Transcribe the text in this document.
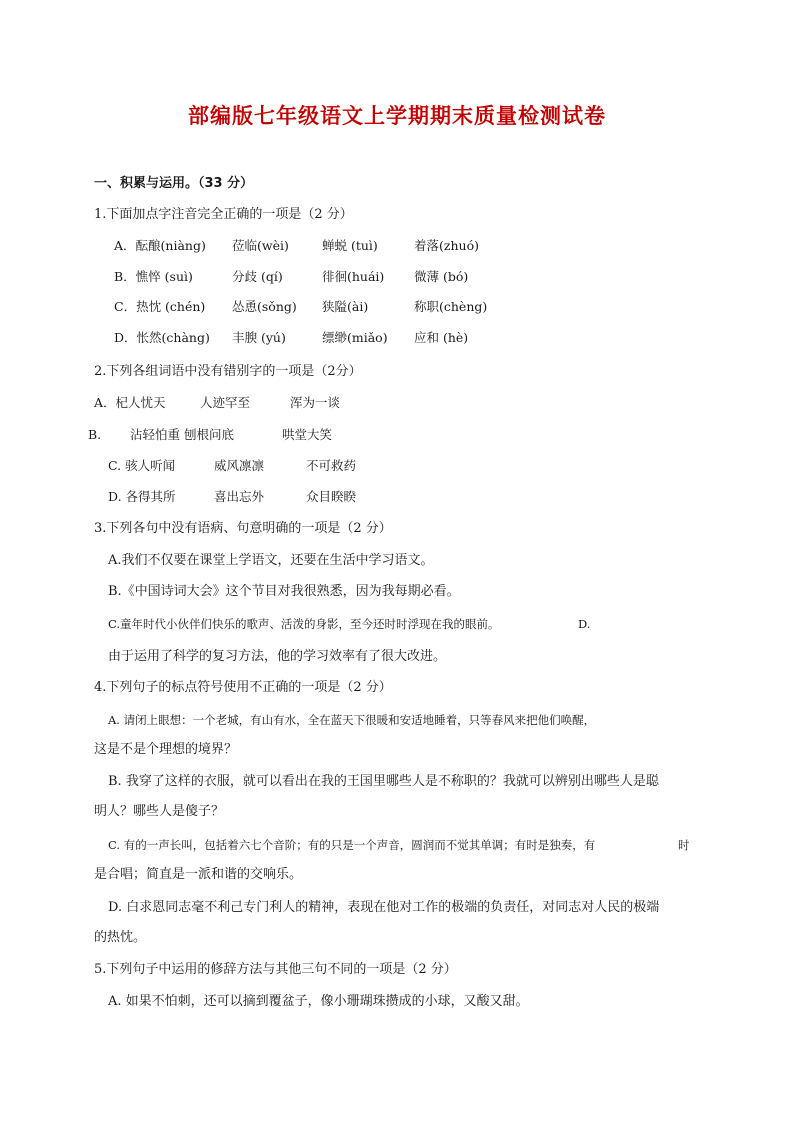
部编版七年级语文上学期期末质量检测试卷
一、积累与运用。（33 分）
1.下面加点字注音完全正确的一项是（2 分）
A．酝酿(niàng) 莅临(wèi)	蝉蜕 (tuì)	着落(zhuó)
B．憔悴 (suì)	分歧 (qí)	徘徊(huái) 微薄 (bó)
C．热忱 (chén) 怂恿(sǒng) 狭隘(ài)	称职(chèng)
D．怅然(chàng) 丰腴 (yú)	缥缈(miǎo) 应和 (hè)
2.下列各组词语中没有错别字的一项是（2分）
A．杞人忧天	人迹罕至	浑为一谈
B. 沾轻怕重 刨根问底	哄堂大笑
C. 骇人听闻	威风凛凛	不可救药
D. 各得其所	喜出忘外	众目睽睽
3.下列各句中没有语病、句意明确的一项是（2 分）
A.我们不仅要在课堂上学语文，还要在生活中学习语文。
B.《中国诗词大会》这个节目对我很熟悉，因为我每期必看。
C.童年时代小伙伴们快乐的歌声、活泼的身影，至今还时时浮现在我的眼前。	D.
由于运用了科学的复习方法，他的学习效率有了很大改进。
4.下列句子的标点符号使用不正确的一项是（2 分）
A. 请闭上眼想：一个老城，有山有水，全在蓝天下很暖和安适地睡着，只等春风来把他们唤醒，
这是不是个理想的境界？
B. 我穿了这样的衣服，就可以看出在我的王国里哪些人是不称职的？我就可以辨别出哪些人是聪
明人？哪些人是傻子？
C. 有的一声长叫，包括着六七个音阶；有的只是一个声音，圆润而不觉其单调；有时是独奏，有	时
是合唱；简直是一派和谐的交响乐。
D. 白求恩同志毫不利己专门利人的精神，表现在他对工作的极端的负责任，对同志对人民的极端
的热忱。
5.下列句子中运用的修辞方法与其他三句不同的一项是（2 分）
A. 如果不怕刺，还可以摘到覆盆子，像小珊瑚珠攒成的小球，又酸又甜。
